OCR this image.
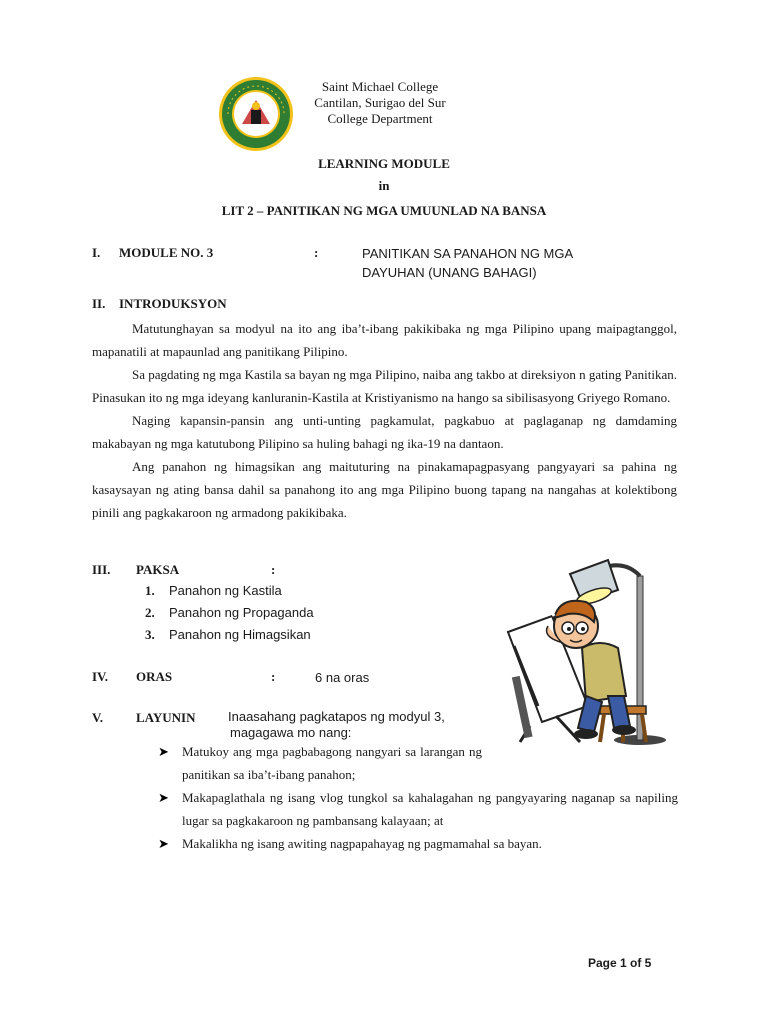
Saint Michael College
Cantilan, Surigao del Sur
College Department
LEARNING MODULE
in
LIT 2 – PANITIKAN NG MGA UMUUNLAD NA BANSA
I. MODULE NO. 3	:	PANITIKAN SA PANAHON NG MGA
DAYUHAN (UNANG BAHAGI)
II. INTRODUKSYON

Matutunghayan sa modyul na ito ang iba’t-ibang pakikibaka ng mga Pilipino upang maipagtanggol, mapanatili at mapaunlad ang panitikang Pilipino.

Sa pagdating ng mga Kastila sa bayan ng mga Pilipino, naiba ang takbo at direksiyon n gating Panitikan. Pinasukan ito ng mga ideyang kanluranin-Kastila at Kristiyanismo na hango sa sibilisasyong Griyego Romano.

Naging kapansin-pansin ang unti-unting pagkamulat, pagkabuo at paglaganap ng damdaming makabayan ng mga katutubong Pilipino sa huling bahagi ng ika-19 na dantaon.

Ang panahon ng himagsikan ang maituturing na pinakamapagpasyang pangyayari sa pahina ng kasaysayan ng ating bansa dahil sa panahong ito ang mga Pilipino buong tapang na nangahas at kolektibong pinili ang pagkakaroon ng armadong pakikibaka.

III. PAKSA	:
1. Panahon ng Kastila
2. Panahon ng Propaganda
3. Panahon ng Himagsikan
IV. ORAS	:	6 na oras
V.	LAYUNIN	Inaasahang pagkatapos ng modyul 3,
magagawa mo nang:
➤	Matukoy ang mga pagbabagong nangyari sa larangan ng panitikan sa iba’t-ibang panahon;
➤	Makapaglathala ng isang vlog tungkol sa kahalagahan ng pangyayaring naganap sa napiling lugar sa pagkakaroon ng pambansang kalayaan; at
➤	Makalikha ng isang awiting nagpapahayag ng pagmamahal sa bayan.
Page 1 of 5
